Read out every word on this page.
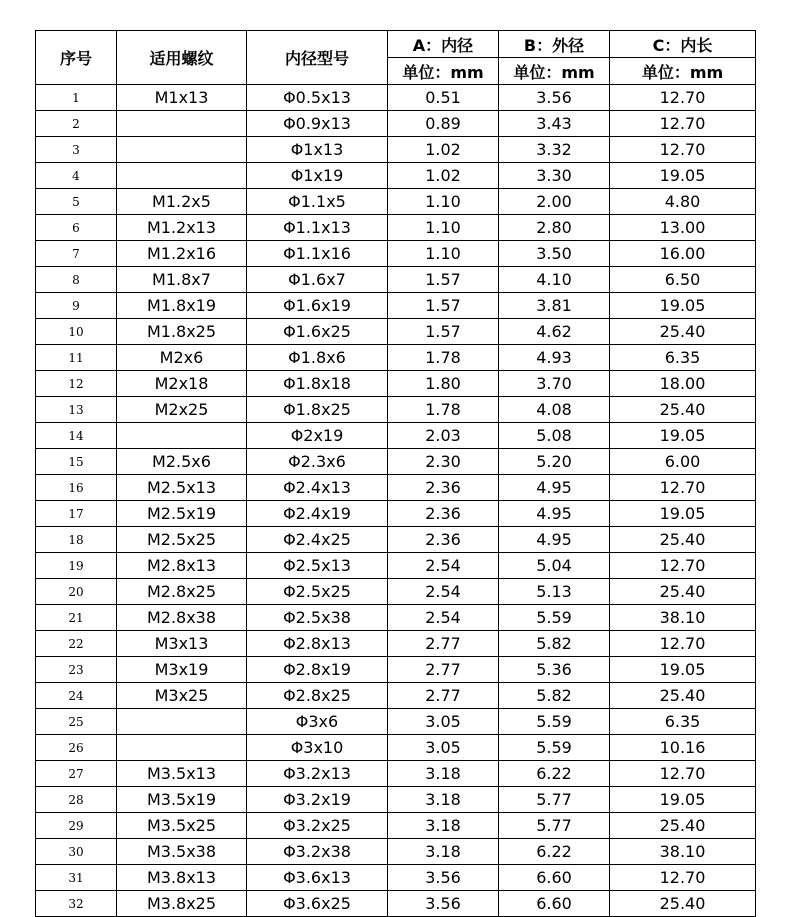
序号	适用螺纹	内径型号	A：内径	B：外径	C：内长
			单位：mm	单位：mm	单位：mm
1	M1x13	Φ0.5x13	0.51	3.56	12.70
2		Φ0.9x13	0.89	3.43	12.70
3		Φ1x13	1.02	3.32	12.70
4		Φ1x19	1.02	3.30	19.05
5	M1.2x5	Φ1.1x5	1.10	2.00	4.80
6	M1.2x13	Φ1.1x13	1.10	2.80	13.00
7	M1.2x16	Φ1.1x16	1.10	3.50	16.00
8	M1.8x7	Φ1.6x7	1.57	4.10	6.50
9	M1.8x19	Φ1.6x19	1.57	3.81	19.05
10	M1.8x25	Φ1.6x25	1.57	4.62	25.40
11	M2x6	Φ1.8x6	1.78	4.93	6.35
12	M2x18	Φ1.8x18	1.80	3.70	18.00
13	M2x25	Φ1.8x25	1.78	4.08	25.40
14		Φ2x19	2.03	5.08	19.05
15	M2.5x6	Φ2.3x6	2.30	5.20	6.00
16	M2.5x13	Φ2.4x13	2.36	4.95	12.70
17	M2.5x19	Φ2.4x19	2.36	4.95	19.05
18	M2.5x25	Φ2.4x25	2.36	4.95	25.40
19	M2.8x13	Φ2.5x13	2.54	5.04	12.70
20	M2.8x25	Φ2.5x25	2.54	5.13	25.40
21	M2.8x38	Φ2.5x38	2.54	5.59	38.10
22	M3x13	Φ2.8x13	2.77	5.82	12.70
23	M3x19	Φ2.8x19	2.77	5.36	19.05
24	M3x25	Φ2.8x25	2.77	5.82	25.40
25		Φ3x6	3.05	5.59	6.35
26		Φ3x10	3.05	5.59	10.16
27	M3.5x13	Φ3.2x13	3.18	6.22	12.70
28	M3.5x19	Φ3.2x19	3.18	5.77	19.05
29	M3.5x25	Φ3.2x25	3.18	5.77	25.40
30	M3.5x38	Φ3.2x38	3.18	6.22	38.10
31	M3.8x13	Φ3.6x13	3.56	6.60	12.70
32	M3.8x25	Φ3.6x25	3.56	6.60	25.40
